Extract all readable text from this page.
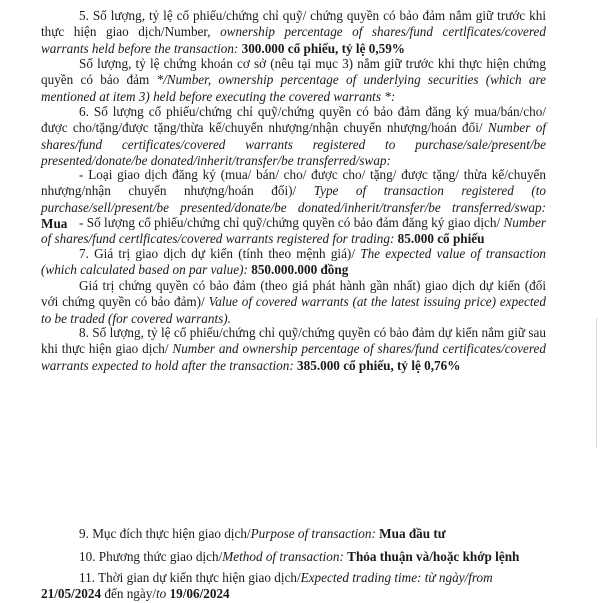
5. Số lượng, tỷ lệ cổ phiếu/chứng chỉ quỹ/ chứng quyền có bảo đảm nắm giữ trước khi thực hiện giao dịch/Number, ownership percentage of shares/fund certlficates/covered warrants held before the transaction: 300.000 cổ phiếu, tỷ lệ 0,59%

Số lượng, tỷ lệ chứng khoán cơ sở (nêu tại mục 3) nắm giữ trước khi thực hiện chứng quyền có bảo đảm */Number, ownership percentage of underlying securities (which are mentioned at item 3) held before executing the covered warrants *:

6. Số lượng cổ phiếu/chứng chỉ quỹ/chứng quyền có bảo đảm đăng ký mua/bán/cho/được cho/tặng/được tặng/thừa kế/chuyển nhượng/nhận chuyển nhượng/hoán đổi/ Number of shares/fund certificates/covered warrants registered to purchase/sale/present/be presented/donate/be donated/inherit/transfer/be transferred/swap:

- Loại giao dịch đăng ký (mua/ bán/ cho/ được cho/ tặng/ được tặng/ thừa kế/chuyển nhượng/nhận chuyển nhượng/hoán đổi)/ Type of transaction registered (to purchase/sell/present/be presented/donate/be donated/inherit/transfer/be transferred/swap: Mua - Số lượng cổ phiếu/chứng chỉ quỹ/chứng quyền có bảo đảm đăng ký giao dịch/ Number of shares/fund certlficates/covered warrants registered for trading: 85.000 cổ phiếu

7. Giá trị giao dịch dự kiến (tính theo mệnh giá)/ The expected value of transaction (which calculated based on par value): 850.000.000 đồng

Giá trị chứng quyền có bảo đảm (theo giá phát hành gần nhất) giao dịch dự kiến (đối với chứng quyền có bảo đảm)/ Value of covered warrants (at the latest issuing price) expected to be traded (for covered warrants).

8. Số lượng, tỷ lệ cổ phiếu/chứng chỉ quỹ/chứng quyền có bảo đảm dự kiến nắm giữ sau khi thực hiện giao dịch/ Number and ownership percentage of shares/fund certificates/covered warrants expected to hold after the transaction: 385.000 cổ phiếu, tỷ lệ 0,76%

9. Mục đích thực hiện giao dịch/Purpose of transaction: Mua đầu tư

10. Phương thức giao dịch/Method of transaction: Thỏa thuận và/hoặc khớp lệnh

11. Thời gian dự kiến thực hiện giao dịch/Expected trading time: từ ngày/from 21/05/2024 đến ngày/to 19/06/2024
